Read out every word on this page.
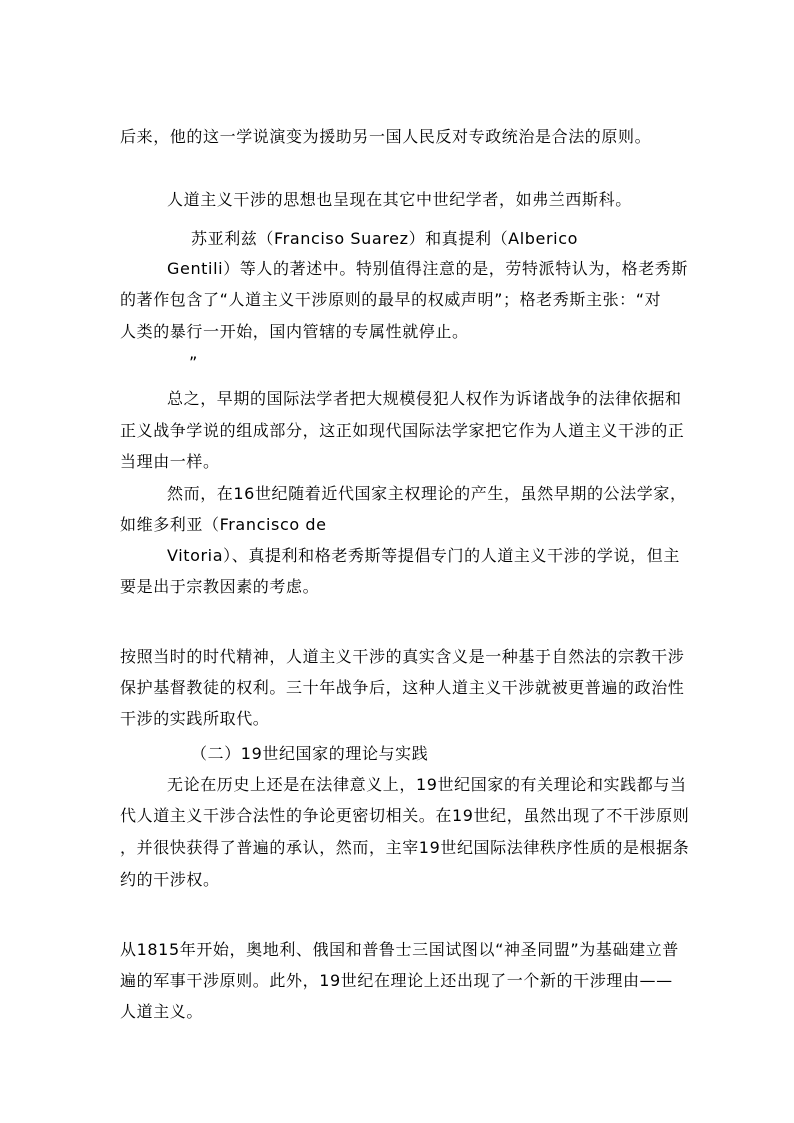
后来，他的这一学说演变为援助另一国人民反对专政统治是合法的原则。
人道主义干涉的思想也呈现在其它中世纪学者，如弗兰西斯科。
苏亚利兹（Franciso Suarez）和真提利（Alberico
Gentili）等人的著述中。特别值得注意的是，劳特派特认为，格老秀斯
的著作包含了“人道主义干涉原则的最早的权威声明”；格老秀斯主张：“对
人类的暴行一开始，国内管辖的专属性就停止。
”
总之，早期的国际法学者把大规模侵犯人权作为诉诸战争的法律依据和
正义战争学说的组成部分，这正如现代国际法学家把它作为人道主义干涉的正
当理由一样。
然而，在16世纪随着近代国家主权理论的产生，虽然早期的公法学家，
如维多利亚（Francisco de
Vitoria）、真提利和格老秀斯等提倡专门的人道主义干涉的学说，但主
要是出于宗教因素的考虑。
按照当时的时代精神，人道主义干涉的真实含义是一种基于自然法的宗教干涉
保护基督教徒的权利。三十年战争后，这种人道主义干涉就被更普遍的政治性
干涉的实践所取代。
（二）19世纪国家的理论与实践
无论在历史上还是在法律意义上，19世纪国家的有关理论和实践都与当
代人道主义干涉合法性的争论更密切相关。在19世纪，虽然出现了不干涉原则
，并很快获得了普遍的承认，然而，主宰19世纪国际法律秩序性质的是根据条
约的干涉权。
从1815年开始，奥地利、俄国和普鲁士三国试图以“神圣同盟”为基础建立普
遍的军事干涉原则。此外，19世纪在理论上还出现了一个新的干涉理由——
人道主义。
